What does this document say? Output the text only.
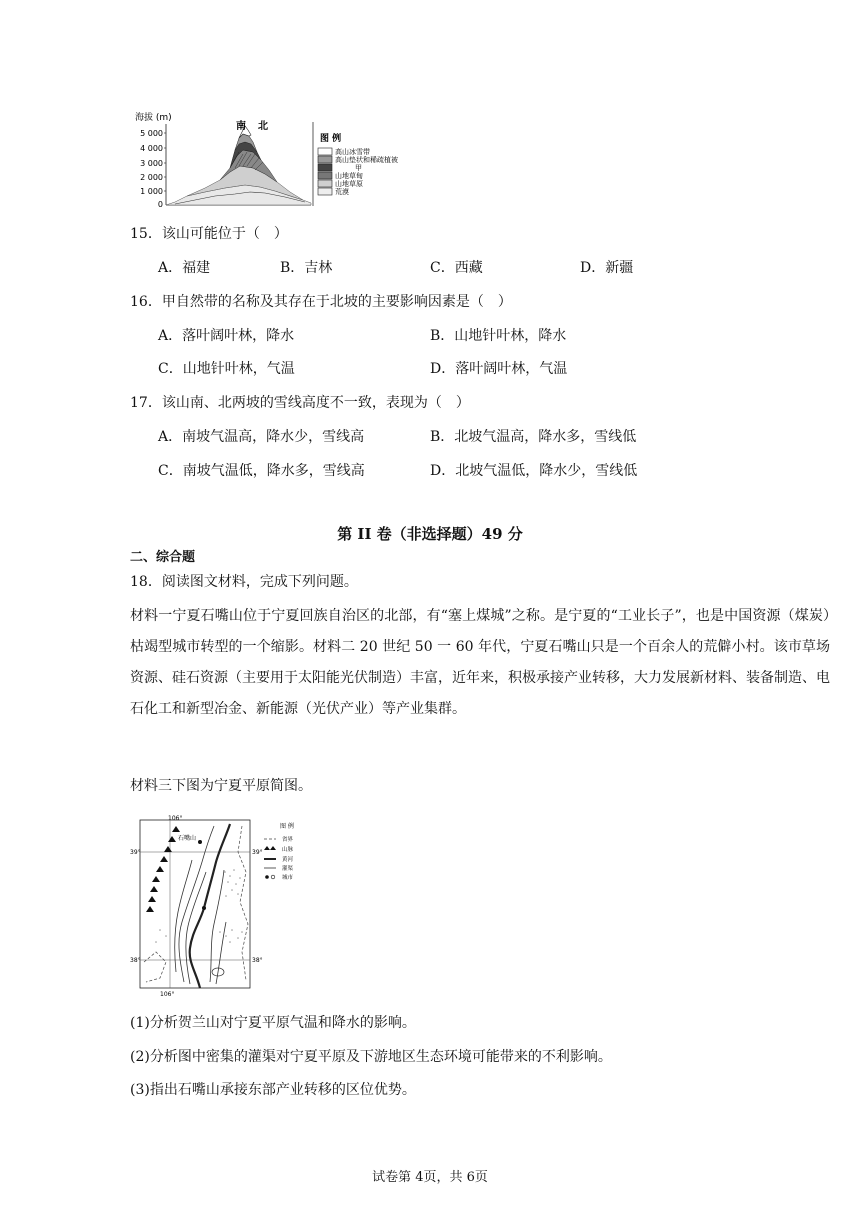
海拔 (m)
5 000
4 000
3 000
2 000
1 000
0
南 北
图 例
高山冰雪带
高山垫状和稀疏植被
甲
山地草甸
山地草原
荒漠
15．该山可能位于（　）
A．福建	B．吉林	C．西藏	D．新疆
16．甲自然带的名称及其存在于北坡的主要影响因素是（　）
A．落叶阔叶林，降水	B．山地针叶林，降水
C．山地针叶林，气温	D．落叶阔叶林，气温
17．该山南、北两坡的雪线高度不一致，表现为（　）
A．南坡气温高，降水少，雪线高	B．北坡气温高，降水多，雪线低
C．南坡气温低，降水多，雪线高	D．北坡气温低，降水少，雪线低
第 II 卷（非选择题）49 分
二、综合题
18．阅读图文材料，完成下列问题。
材料一宁夏石嘴山位于宁夏回族自治区的北部，有“塞上煤城”之称。是宁夏的“工业长子”，也是中国资源（煤炭）枯竭型城市转型的一个缩影。材料二 20 世纪 50 一 60 年代，宁夏石嘴山只是一个百余人的荒僻小村。该市草场资源、硅石资源（主要用于太阳能光伏制造）丰富，近年来，积极承接产业转移，大力发展新材料、装备制造、电石化工和新型冶金、新能源（光伏产业）等产业集群。
材料三下图为宁夏平原简图。
106°
106°
39°	39°
38°	38°
石嘴山
图 例
省界
山脉
黄河
灌渠
城市
(1)分析贺兰山对宁夏平原气温和降水的影响。
(2)分析图中密集的灌渠对宁夏平原及下游地区生态环境可能带来的不利影响。
(3)指出石嘴山承接东部产业转移的区位优势。
试卷第 4页，共 6页
